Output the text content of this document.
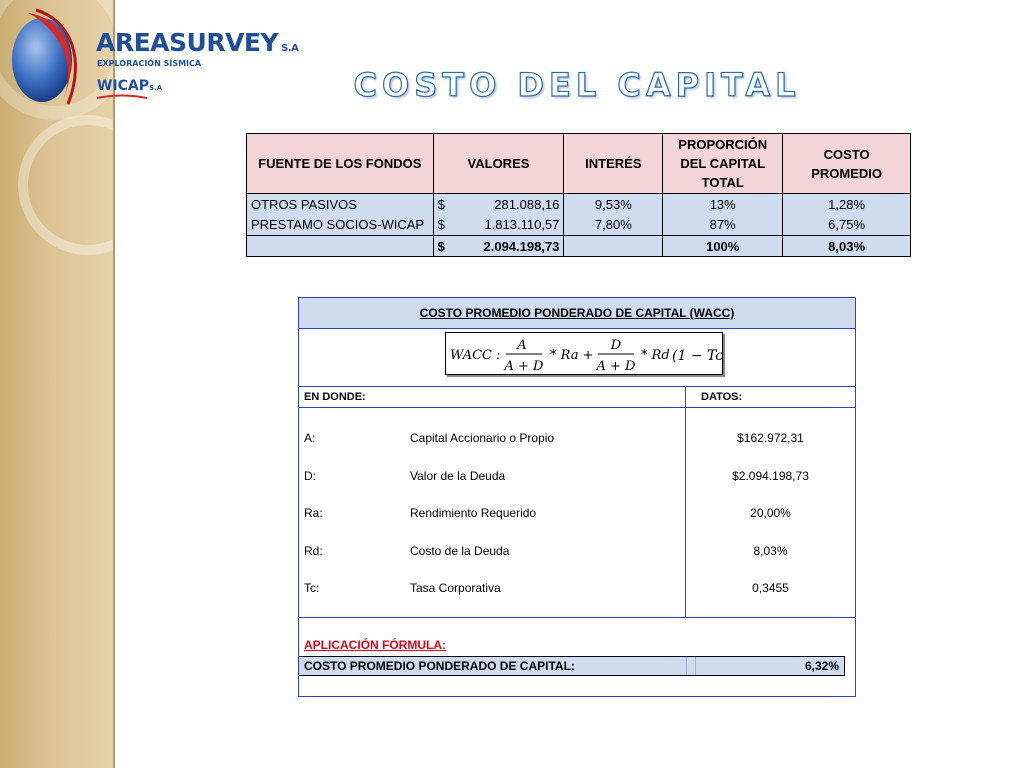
AREASURVEY S.A
EXPLORACIÓN SÍSMICA
WICAPS.A	COSTO DEL CAPITAL
FUENTE DE LOS FONDOS	VALORES	INTERÉS	PROPORCIÓN DEL CAPITAL TOTAL	COSTO PROMEDIO
OTROS PASIVOS	$ 281.088,16	9,53%	13%	1,28%
PRESTAMO SOCIOS-WICAP	$ 1.813.110,57	7,80%	87%	6,75%

	$ 2.094.198,73		100%	8,03%
COSTO PROMEDIO PONDERADO DE CAPITAL (WACC)
WACC :
A
A + D
* Ra +
D
A + D
* Rd (1 − Tc)
EN DONDE:	DATOS:
A:	Capital Accionario o Propio	$162.972,31
D:	Valor de la Deuda	$2.094.198,73
Ra:	Rendimiento Requerido	20,00%
Rd:	Costo de la Deuda	8,03%
Tc:	Tasa Corporativa	0,3455
APLICACIÓN FÓRMULA:
COSTO PROMEDIO PONDERADO DE CAPITAL:	6,32%
